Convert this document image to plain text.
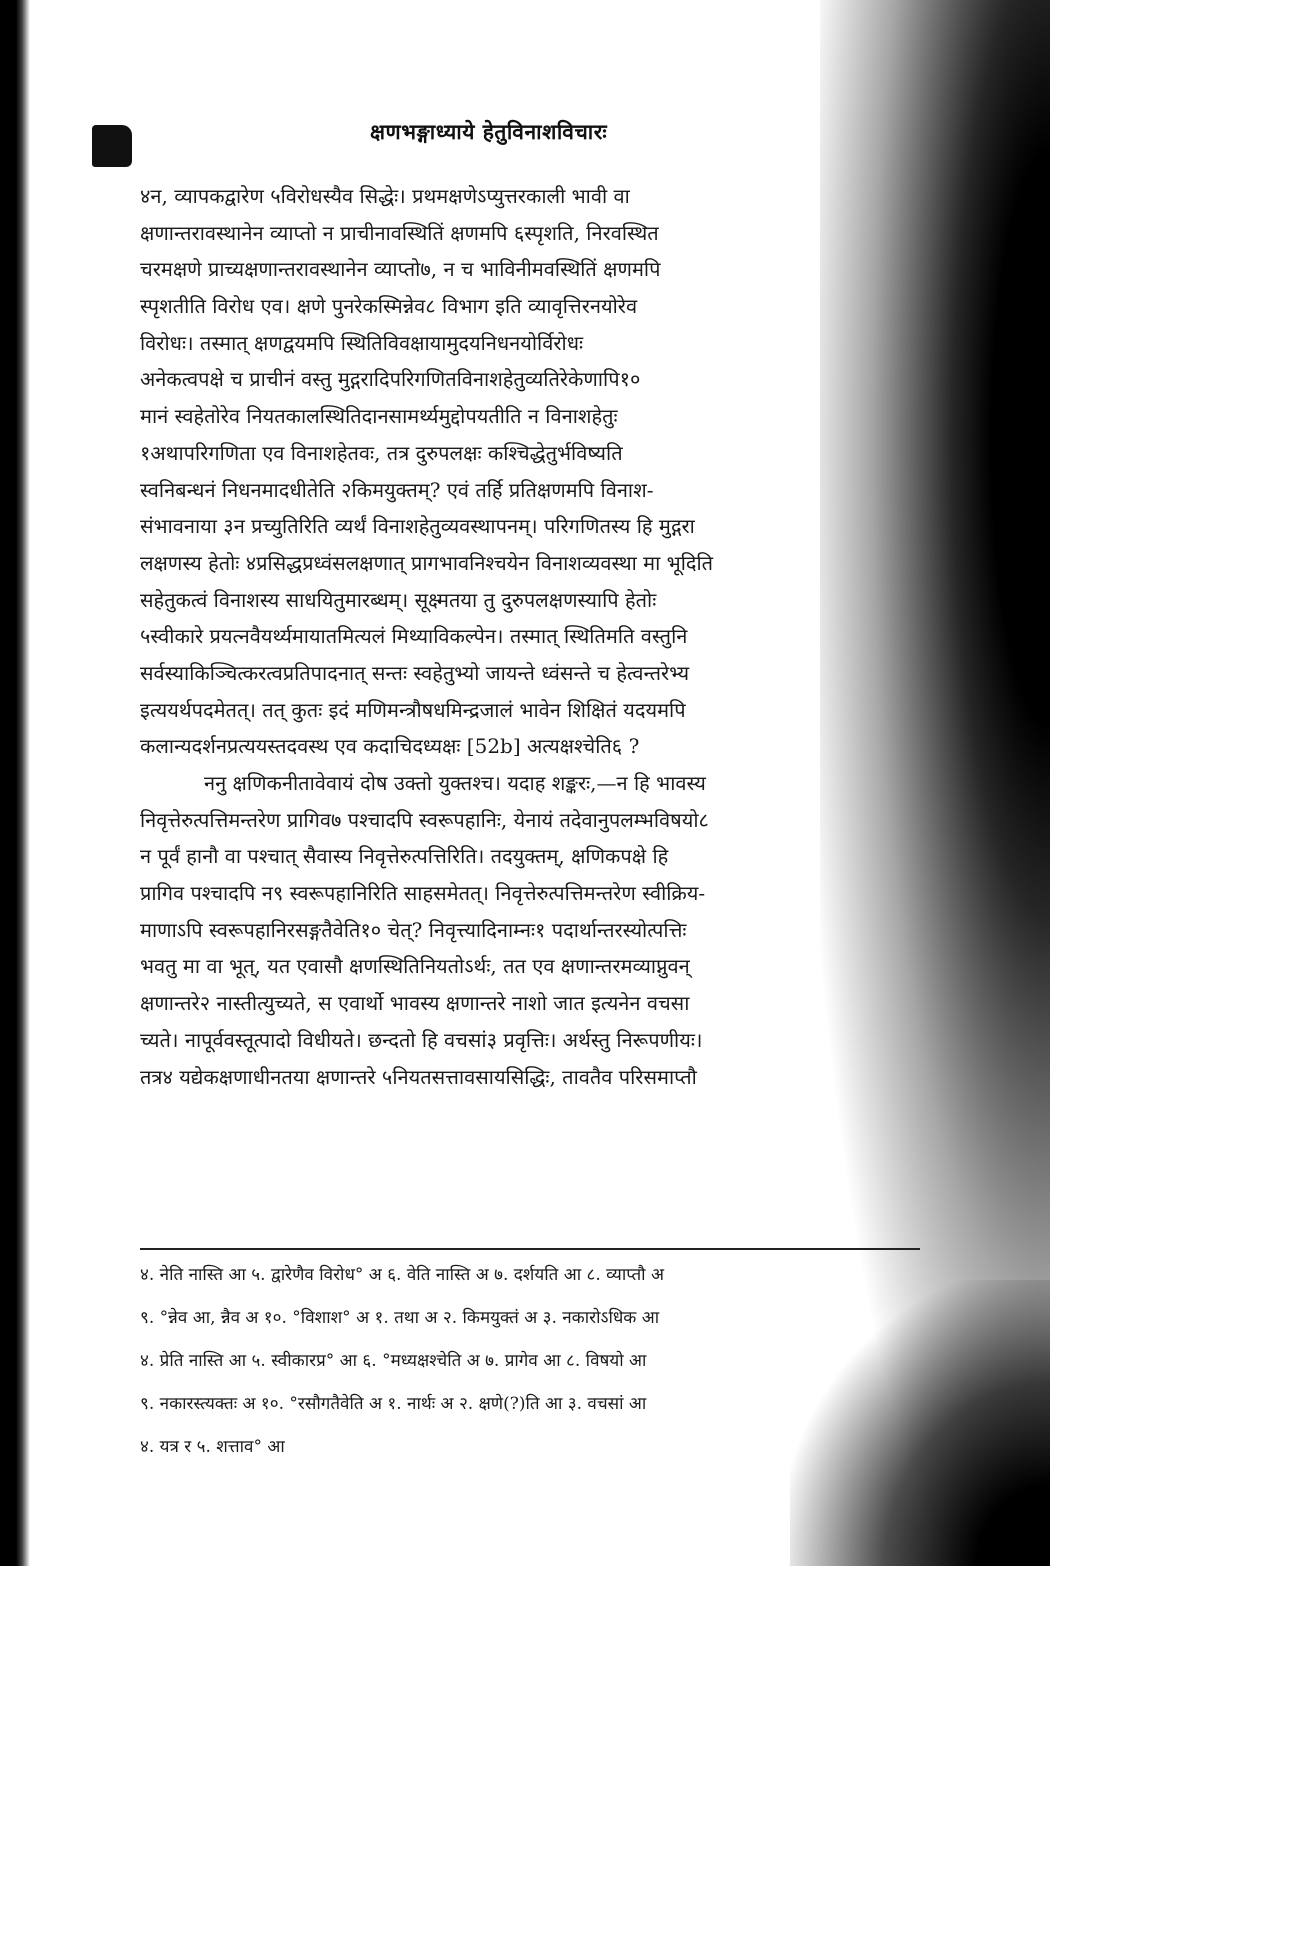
क्षणभङ्गाध्याये हेतुविनाशविचारः
४न, व्यापकद्वारेण ५विरोधस्यैव सिद्धेः। प्रथमक्षणेऽप्युत्तरकाली भावी वा
क्षणान्तरावस्थानेन व्याप्तो न प्राचीनावस्थितिं क्षणमपि ६स्पृशति, निरवस्थित
चरमक्षणे प्राच्यक्षणान्तरावस्थानेन व्याप्तो७, न च भाविनीमवस्थितिं क्षणमपि
स्पृशतीति विरोध एव। क्षणे पुनरेकस्मिन्नेव८ विभाग इति व्यावृत्तिरनयोरेव
विरोधः। तस्मात् क्षणद्वयमपि स्थितिविवक्षायामुदयनिधनयोर्विरोधः
अनेकत्वपक्षे च प्राचीनं वस्तु मुद्गरादिपरिगणितविनाशहेतुव्यतिरेकेणापि१०
मानं स्वहेतोरेव नियतकालस्थितिदानसामर्थ्यमुद्दोपयतीति न विनाशहेतुः
१अथापरिगणिता एव विनाशहेतवः, तत्र दुरुपलक्षः कश्चिद्धेतुर्भविष्यति
स्वनिबन्धनं निधनमादधीतेति २किमयुक्तम्? एवं तर्हि प्रतिक्षणमपि विनाश-
संभावनाया ३न प्रच्युतिरिति व्यर्थं विनाशहेतुव्यवस्थापनम्। परिगणितस्य हि मुद्गरा
लक्षणस्य हेतोः ४प्रसिद्धप्रध्वंसलक्षणात् प्रागभावनिश्चयेन विनाशव्यवस्था मा भूदिति
सहेतुकत्वं विनाशस्य साधयितुमारब्धम्। सूक्ष्मतया तु दुरुपलक्षणस्यापि हेतोः
५स्वीकारे प्रयत्नवैयर्थ्यमायातमित्यलं मिथ्याविकल्पेन। तस्मात् स्थितिमति वस्तुनि
सर्वस्याकिञ्चित्करत्वप्रतिपादनात् सन्तः स्वहेतुभ्यो जायन्ते ध्वंसन्ते च हेत्वन्तरेभ्य
इत्ययर्थपदमेतत्। तत् कुतः इदं मणिमन्त्रौषधमिन्द्रजालं भावेन शिक्षितं यदयमपि
कलान्यदर्शनप्रत्ययस्तदवस्थ एव कदाचिदध्यक्षः [52b] अत्यक्षश्चेति६ ?
ननु क्षणिकनीतावेवायं दोष उक्तो युक्तश्च। यदाह शङ्करः,—न हि भावस्य
निवृत्तेरुत्पत्तिमन्तरेण प्रागिव७ पश्चादपि स्वरूपहानिः, येनायं तदेवानुपलम्भविषयो८
न पूर्वं हानौ वा पश्चात् सैवास्य निवृत्तेरुत्पत्तिरिति। तदयुक्तम्, क्षणिकपक्षे हि
प्रागिव पश्चादपि न९ स्वरूपहानिरिति साहसमेतत्। निवृत्तेरुत्पत्तिमन्तरेण स्वीक्रिय-
माणाऽपि स्वरूपहानिरसङ्गतैवेति१० चेत्? निवृत्त्यादिनाम्नः१ पदार्थान्तरस्योत्पत्तिः
भवतु मा वा भूत्, यत एवासौ क्षणस्थितिनियतोऽर्थः, तत एव क्षणान्तरमव्याप्नुवन्
क्षणान्तरे२ नास्तीत्युच्यते, स एवार्थो भावस्य क्षणान्तरे नाशो जात इत्यनेन वचसा
च्यते। नापूर्ववस्तूत्पादो विधीयते। छन्दतो हि वचसां३ प्रवृत्तिः। अर्थस्तु निरूपणीयः।
तत्र४ यद्येकक्षणाधीनतया क्षणान्तरे ५नियतसत्तावसायसिद्धिः, तावतैव परिसमाप्तौ
४. नेति नास्ति आ ५. द्वारेणैव विरोध° अ ६. वेति नास्ति अ ७. दर्शयति आ ८. व्याप्तौ अ
९. °न्नेव आ, न्नैव अ १०. °विशाश° अ १. तथा अ २. किमयुक्तं अ ३. नकारोऽधिक आ
४. प्रेति नास्ति आ ५. स्वीकारप्र° आ ६. °मध्यक्षश्चेति अ ७. प्रागेव आ ८. विषयो आ
९. नकारस्त्यक्तः अ १०. °रसौगतैवेति अ १. नार्थः अ २. क्षणे(?)ति आ ३. वचसां आ
४. यत्र र ५. शत्ताव° आ
